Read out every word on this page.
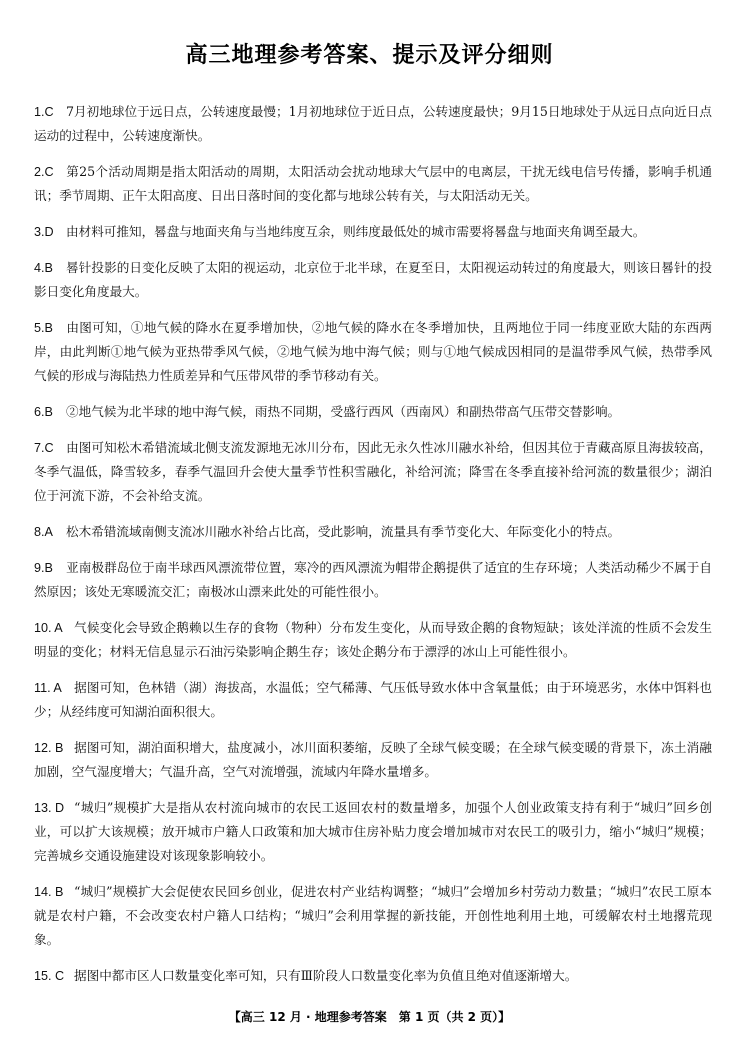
高三地理参考答案、提示及评分细则
1.C 7月初地球位于远日点，公转速度最慢；1月初地球位于近日点，公转速度最快；9月15日地球处于从远日点向近日点运动的过程中，公转速度渐快。
2.C 第25个活动周期是指太阳活动的周期，太阳活动会扰动地球大气层中的电离层，干扰无线电信号传播，影响手机通讯；季节周期、正午太阳高度、日出日落时间的变化都与地球公转有关，与太阳活动无关。
3.D 由材料可推知，晷盘与地面夹角与当地纬度互余，则纬度最低处的城市需要将晷盘与地面夹角调至最大。
4.B 晷针投影的日变化反映了太阳的视运动，北京位于北半球，在夏至日，太阳视运动转过的角度最大，则该日晷针的投影日变化角度最大。
5.B 由图可知，①地气候的降水在夏季增加快，②地气候的降水在冬季增加快，且两地位于同一纬度亚欧大陆的东西两岸，由此判断①地气候为亚热带季风气候，②地气候为地中海气候；则与①地气候成因相同的是温带季风气候，热带季风气候的形成与海陆热力性质差异和气压带风带的季节移动有关。
6.B ②地气候为北半球的地中海气候，雨热不同期，受盛行西风（西南风）和副热带高气压带交替影响。
7.C 由图可知松木希错流域北侧支流发源地无冰川分布，因此无永久性冰川融水补给，但因其位于青藏高原且海拔较高，冬季气温低，降雪较多，春季气温回升会使大量季节性积雪融化，补给河流；降雪在冬季直接补给河流的数量很少；湖泊位于河流下游，不会补给支流。
8.A 松木希错流域南侧支流冰川融水补给占比高，受此影响，流量具有季节变化大、年际变化小的特点。
9.B 亚南极群岛位于南半球西风漂流带位置，寒冷的西风漂流为帽带企鹅提供了适宜的生存环境；人类活动稀少不属于自然原因；该处无寒暖流交汇；南极冰山漂来此处的可能性很小。
10. A 气候变化会导致企鹅赖以生存的食物（物种）分布发生变化，从而导致企鹅的食物短缺；该处洋流的性质不会发生明显的变化；材料无信息显示石油污染影响企鹅生存；该处企鹅分布于漂浮的冰山上可能性很小。
11. A 据图可知，色林错（湖）海拔高，水温低；空气稀薄、气压低导致水体中含氧量低；由于环境恶劣，水体中饵料也少；从经纬度可知湖泊面积很大。
12. B 据图可知，湖泊面积增大，盐度减小，冰川面积萎缩，反映了全球气候变暖；在全球气候变暖的背景下，冻土消融加剧，空气湿度增大；气温升高，空气对流增强，流域内年降水量增多。
13. D “城归”规模扩大是指从农村流向城市的农民工返回农村的数量增多，加强个人创业政策支持有利于“城归”回乡创业，可以扩大该规模；放开城市户籍人口政策和加大城市住房补贴力度会增加城市对农民工的吸引力，缩小“城归”规模；完善城乡交通设施建设对该现象影响较小。
14. B “城归”规模扩大会促使农民回乡创业，促进农村产业结构调整；“城归”会增加乡村劳动力数量；“城归”农民工原本就是农村户籍，不会改变农村户籍人口结构；“城归”会利用掌握的新技能，开创性地利用土地，可缓解农村土地撂荒现象。
15. C 据图中都市区人口数量变化率可知，只有Ⅲ阶段人口数量变化率为负值且绝对值逐渐增大。
【高三 12 月 · 地理参考答案　第 1 页（共 2 页）】
